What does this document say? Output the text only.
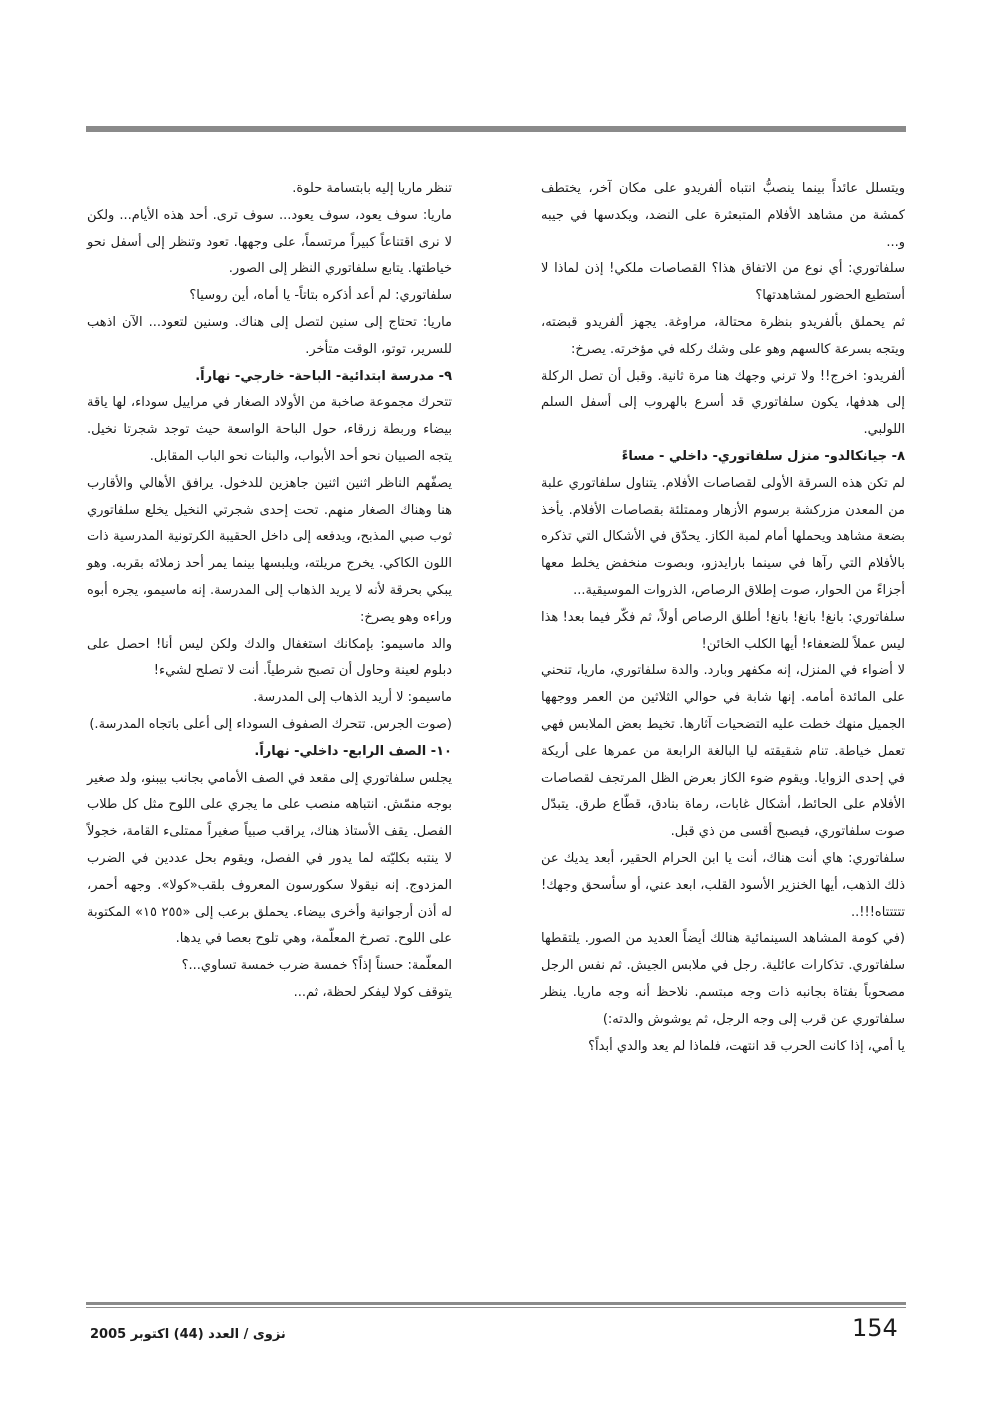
ويتسلل عائداً بينما ينصبُّ انتباه ألفريدو على مكان آخر، يختطف كمشة من مشاهد الأفلام المتبعثرة على النضد، ويكدسها في جيبه و...

سلفاتوري: أي نوع من الاتفاق هذا؟ القصاصات ملكي! إذن لماذا لا أستطيع الحضور لمشاهدتها؟

ثم يحملق بألفريدو بنظرة محتالة، مراوغة. يجهز ألفريدو قبضته، ويتجه بسرعة كالسهم وهو على وشك ركله في مؤخرته. يصرخ:

ألفريدو: اخرج!! ولا ترني وجهك هنا مرة ثانية. وقبل أن تصل الركلة إلى هدفها، يكون سلفاتوري قد أسرع بالهروب إلى أسفل السلم اللولبي.

٨- جيانكالدو- منزل سلفاتوري- داخلي - مساءً

لم تكن هذه السرقة الأولى لقصاصات الأفلام. يتناول سلفاتوري علبة من المعدن مزركشة برسوم الأزهار وممتلئة بقصاصات الأفلام. يأخذ بضعة مشاهد ويحملها أمام لمبة الكاز. يحدّق في الأشكال التي تذكره بالأفلام التي رآها في سينما بارايدزو، وبصوت منخفض يخلط معها أجزاءً من الحوار، صوت إطلاق الرصاص، الذروات الموسيقية...

سلفاتوري: بانغ! بانغ! بانغ! أطلق الرصاص أولاً، ثم فكّر فيما بعد! هذا ليس عملاً للضعفاء! أيها الكلب الخائن!

لا أضواء في المنزل، إنه مكفهر وبارد. والدة سلفاتوري، ماريا، تنحني على المائدة أمامه. إنها شابة في حوالي الثلاثين من العمر ووجهها الجميل منهك خطت عليه التضحيات آثارها. تخيط بعض الملابس فهي تعمل خياطة. تنام شقيقته ليا البالغة الرابعة من عمرها على أريكة في إحدى الزوايا. ويقوم ضوء الكاز بعرض الظل المرتجف لقصاصات الأفلام على الحائط، أشكال غابات، رماة بنادق، قطّاع طرق. يتبدّل صوت سلفاتوري، فيصبح أقسى من ذي قبل.

سلفاتوري: هاي أنت هناك، أنت يا ابن الحرام الحقير، أبعد يديك عن ذلك الذهب، أيها الخنزير الأسود القلب، ابعد عني، أو سأسحق وجهك! تتتتتاه!!!..

(في كومة المشاهد السينمائية هنالك أيضاً العديد من الصور. يلتقطها سلفاتوري. تذكارات عائلية. رجل في ملابس الجيش. ثم نفس الرجل مصحوباً بفتاة بجانبه ذات وجه مبتسم. نلاحظ أنه وجه ماريا. ينظر سلفاتوري عن قرب إلى وجه الرجل، ثم يوشوش والدته:)

يا أمي، إذا كانت الحرب قد انتهت، فلماذا لم يعد والدي أبداً؟

تنظر ماريا إليه بابتسامة حلوة.

ماريا: سوف يعود، سوف يعود... سوف ترى. أحد هذه الأيام... ولكن لا نرى اقتناعاً كبيراً مرتسماً، على وجهها. تعود وتنظر إلى أسفل نحو خياطتها. يتابع سلفاتوري النظر إلى الصور.

سلفاتوري: لم أعد أذكره بتاتاً- يا أماه، أين روسيا؟

ماريا: تحتاج إلى سنين لتصل إلى هناك. وسنين لتعود... الآن اذهب للسرير، توتو، الوقت متأخر.

٩- مدرسة ابتدائية- الباحة- خارجي- نهاراً.

تتحرك مجموعة صاخبة من الأولاد الصغار في مراييل سوداء، لها ياقة بيضاء وربطة زرقاء، حول الباحة الواسعة حيث توجد شجرتا نخيل. يتجه الصبيان نحو أحد الأبواب، والبنات نحو الباب المقابل.

يصفّهم الناظر اثنين اثنين جاهزين للدخول. يرافق الأهالي والأقارب هنا وهناك الصغار منهم. تحت إحدى شجرتي النخيل يخلع سلفاتوري ثوب صبي المذبح، ويدفعه إلى داخل الحقيبة الكرتونية المدرسية ذات اللون الكاكي. يخرج مريلته، ويلبسها بينما يمر أحد زملائه بقربه. وهو يبكي بحرقة لأنه لا يريد الذهاب إلى المدرسة. إنه ماسيمو، يجره أبوه وراءه وهو يصرخ:

والد ماسيمو: بإمكانك استغفال والدك ولكن ليس أنا! احصل على دبلوم لعينة وحاول أن تصبح شرطياً. أنت لا تصلح لشيء!

ماسيمو: لا أريد الذهاب إلى المدرسة.

(صوت الجرس. تتحرك الصفوف السوداء إلى أعلى باتجاه المدرسة.)

١٠- الصف الرابع- داخلي- نهاراً.

يجلس سلفاتوري إلى مقعد في الصف الأمامي بجانب بيبنو، ولد صغير بوجه منمّش. انتباهه منصب على ما يجري على اللوح مثل كل طلاب الفصل. يقف الأستاذ هناك، يراقب صبياً صغيراً ممتلىء القامة، خجولاً لا ينتبه بكليّته لما يدور في الفصل، ويقوم بحل عددين في الضرب المزدوج. إنه نيقولا سكورسون المعروف بلقب«كولا». وجهه أحمر، له أذن أرجوانية وأخرى بيضاء. يحملق برعب إلى «٢٥٥ ١٥» المكتوبة على اللوح. تصرخ المعلّمة، وهي تلوح بعصا في يدها.

المعلّمة: حسناً إذاً؟ خمسة ضرب خمسة تساوي...؟

يتوقف كولا ليفكر لحظة، ثم...

154
نزوى / العدد (44) اكتوبر 2005
